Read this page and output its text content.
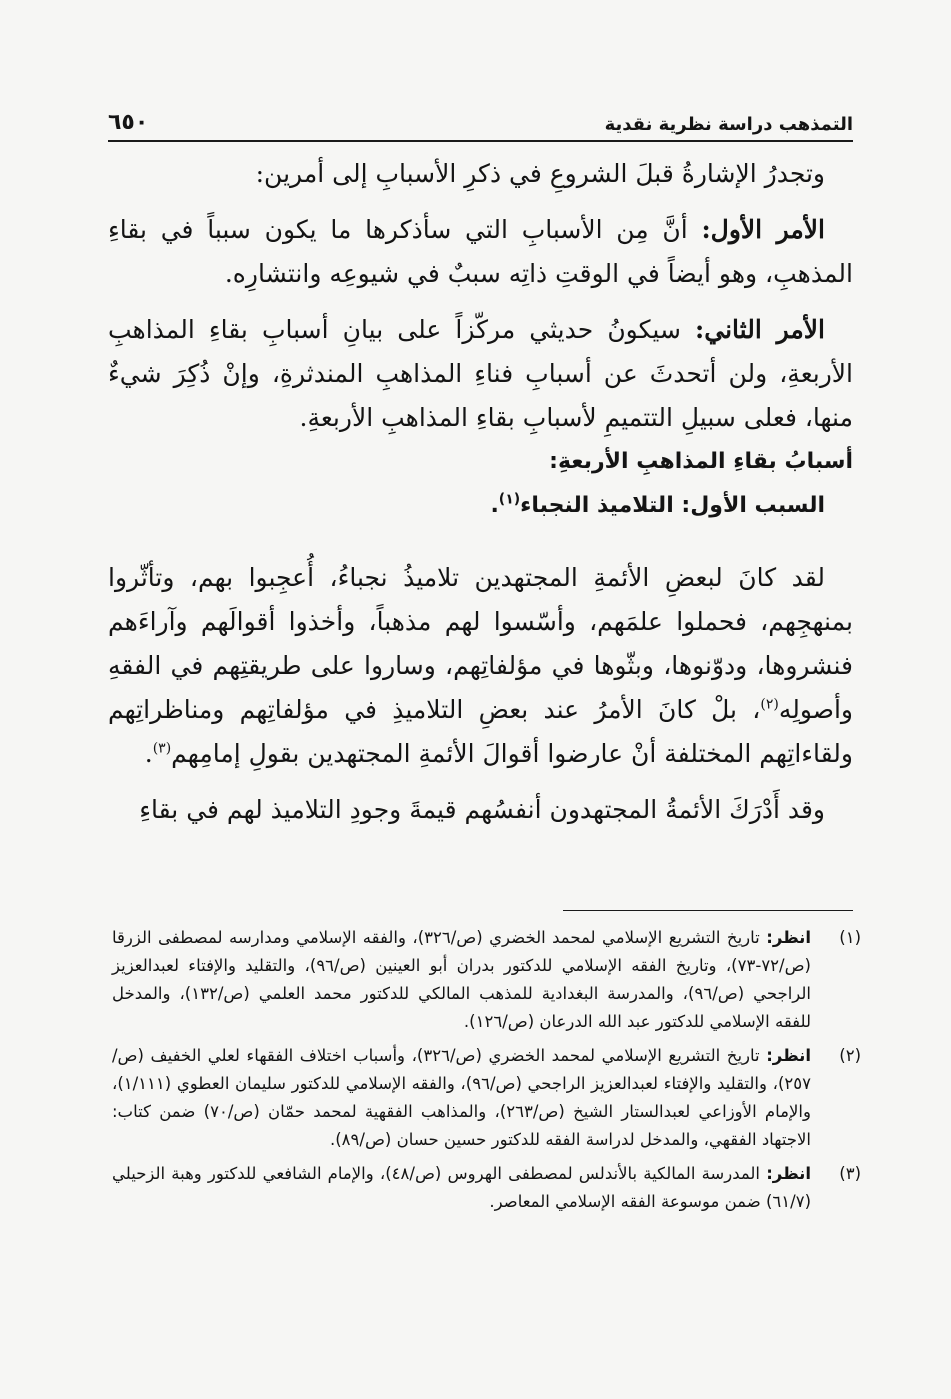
التمذهب دراسة نظرية نقدية
٦٥٠

وتجدرُ الإشارةُ قبلَ الشروعِ في ذكرِ الأسبابِ إلى أمرين:

الأمر الأول: أنَّ مِن الأسبابِ التي سأذكرها ما يكون سبباً في بقاءِ المذهبِ، وهو أيضاً في الوقتِ ذاتِه سببٌ في شيوعِه وانتشارِه.

الأمر الثاني: سيكونُ حديثي مركّزاً على بيانِ أسبابِ بقاءِ المذاهبِ الأربعةِ، ولن أتحدثَ عن أسبابِ فناءِ المذاهبِ المندثرةِ، وإنْ ذُكِرَ شيءٌ منها، فعلى سبيلِ التتميمِ لأسبابِ بقاءِ المذاهبِ الأربعةِ.

أسبابُ بقاءِ المذاهبِ الأربعةِ:

السبب الأول: التلاميذ النجباء$^{(١)}$.

لقد كانَ لبعضِ الأئمةِ المجتهدين تلاميذُ نجباءُ، أُعجِبوا بهم، وتأثّروا بمنهجِهم، فحملوا علمَهم، وأسّسوا لهم مذهباً، وأخذوا أقوالَهم وآراءَهم فنشروها، ودوّنوها، وبثّوها في مؤلفاتِهم، وساروا على طريقتِهم في الفقهِ وأصولِه$^{(٢)}$، بلْ كانَ الأمرُ عند بعضِ التلاميذِ في مؤلفاتِهم ومناظراتِهم ولقاءاتِهم المختلفة أنْ عارضوا أقوالَ الأئمةِ المجتهدين بقولِ إمامِهم$^{(٣)}$.

وقد أَدْرَكَ الأئمةُ المجتهدون أنفسُهم قيمةَ وجودِ التلاميذ لهم في بقاءِ

(١)
انظر: تاريخ التشريع الإسلامي لمحمد الخضري (ص/٣٢٦)، والفقه الإسلامي ومدارسه لمصطفى الزرقا (ص/٧٢-٧٣)، وتاريخ الفقه الإسلامي للدكتور بدران أبو العينين (ص/٩٦)، والتقليد والإفتاء لعبدالعزيز الراجحي (ص/٩٦)، والمدرسة البغدادية للمذهب المالكي للدكتور محمد العلمي (ص/١٣٢)، والمدخل للفقه الإسلامي للدكتور عبد الله الدرعان (ص/١٢٦).

(٢)
انظر: تاريخ التشريع الإسلامي لمحمد الخضري (ص/٣٢٦)، وأسباب اختلاف الفقهاء لعلي الخفيف (ص/٢٥٧)، والتقليد والإفتاء لعبدالعزيز الراجحي (ص/٩٦)، والفقه الإسلامي للدكتور سليمان العطوي (١/١١١)، والإمام الأوزاعي لعبدالستار الشيخ (ص/٢٦٣)، والمذاهب الفقهية لمحمد حمّان (ص/٧٠) ضمن كتاب: الاجتهاد الفقهي، والمدخل لدراسة الفقه للدكتور حسين حسان (ص/٨٩).

(٣)
انظر: المدرسة المالكية بالأندلس لمصطفى الهروس (ص/٤٨)، والإمام الشافعي للدكتور وهبة الزحيلي (٦١/٧) ضمن موسوعة الفقه الإسلامي المعاصر.
